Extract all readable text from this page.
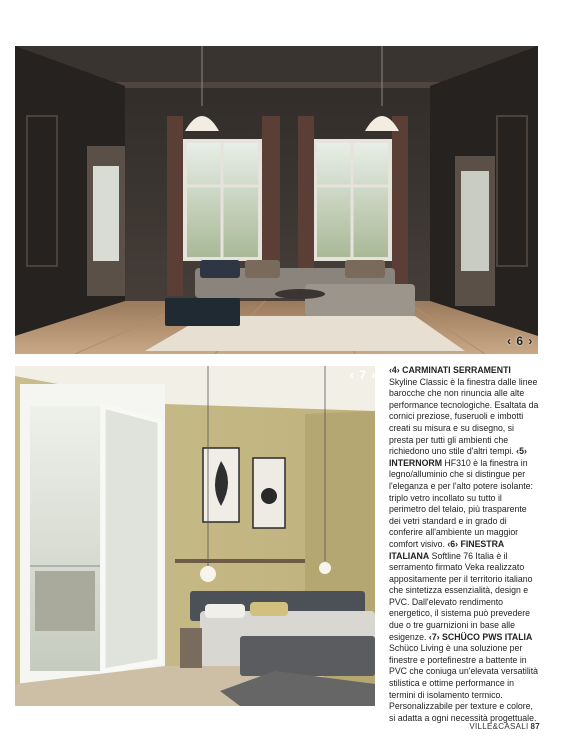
‹ 6 ›
‹ 7 › ‹4› CARMINATI SERRAMENTI Skyline Classic è la finestra dalle linee barocche che non rinuncia alle alte performance tecnologiche. Esaltata da cornici preziose, fuseruoli e imbotti creati su misura e su disegno, si presta per tutti gli ambienti che richiedono uno stile d'altri tempi. ‹5› INTERNORM HF310 è la finestra in legno/alluminio che si distingue per l'eleganza e per l'alto potere isolante: triplo vetro incollato su tutto il perimetro del telaio, più trasparente dei vetri standard e in grado di conferire all'ambiente un maggior comfort visivo. ‹6› FINESTRA ITALIANA Softline 76 Italia è il serramento firmato Veka realizzato appositamente per il territorio italiano che sintetizza essenzialità, design e PVC. Dall'elevato rendimento energetico, il sistema può prevedere due o tre guarnizioni in base alle esigenze. ‹7› SCHÜCO PWS ITALIA Schüco Living è una soluzione per finestre e portefinestre a battente in PVC che coniuga un'elevata versatilità stilistica e ottime performance in termini di isolamento termico. Personalizzabile per texture e colore, si adatta a ogni necessità progettuale.

VILLE&CASALI 87
